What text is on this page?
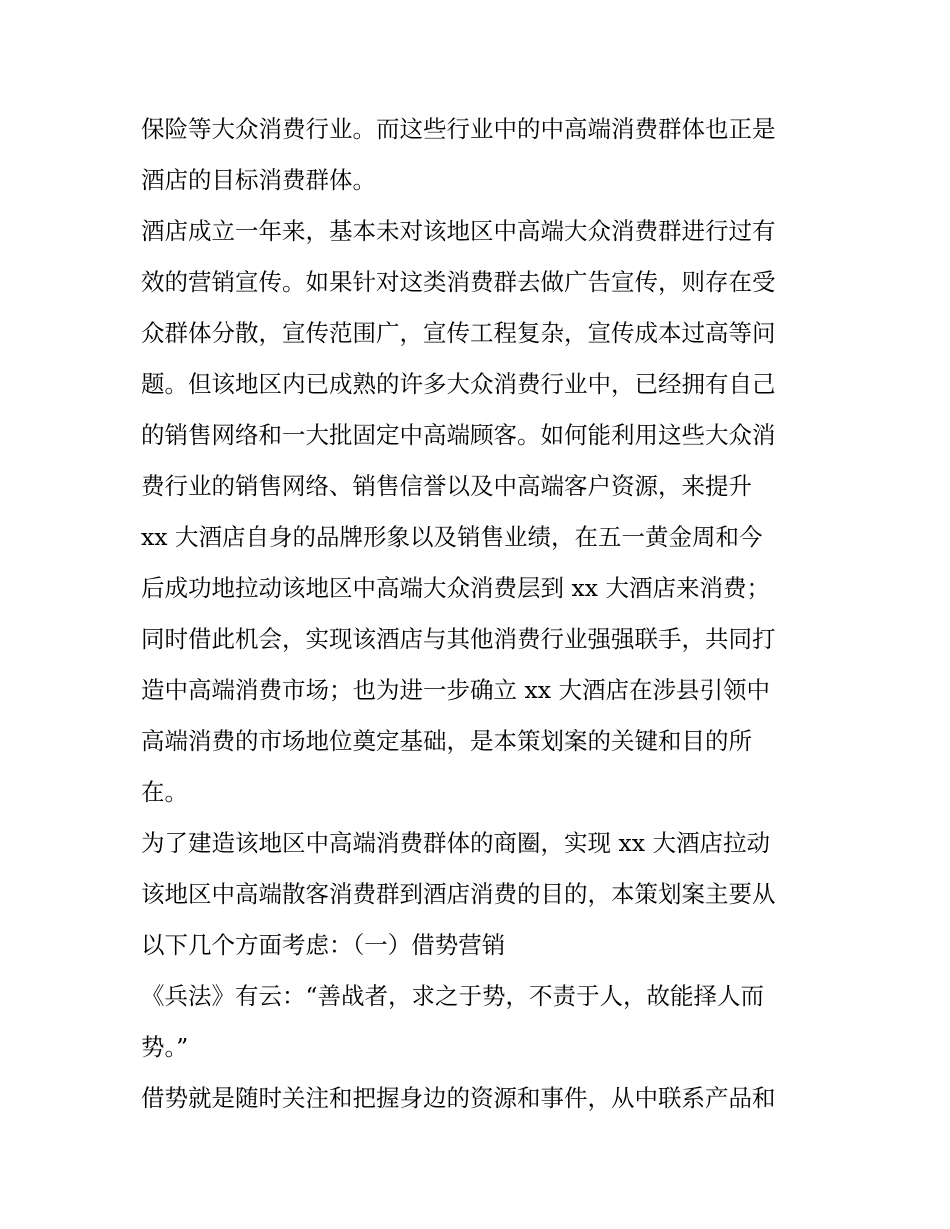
保险等大众消费行业。而这些行业中的中高端消费群体也正是
酒店的目标消费群体。
酒店成立一年来，基本未对该地区中高端大众消费群进行过有
效的营销宣传。如果针对这类消费群去做广告宣传，则存在受
众群体分散，宣传范围广，宣传工程复杂，宣传成本过高等问
题。但该地区内已成熟的许多大众消费行业中，已经拥有自己
的销售网络和一大批固定中高端顾客。如何能利用这些大众消
费行业的销售网络、销售信誉以及中高端客户资源，来提升
xx 大酒店自身的品牌形象以及销售业绩，在五一黄金周和今
后成功地拉动该地区中高端大众消费层到 xx 大酒店来消费；
同时借此机会，实现该酒店与其他消费行业强强联手，共同打
造中高端消费市场；也为进一步确立 xx 大酒店在涉县引领中
高端消费的市场地位奠定基础，是本策划案的关键和目的所
在。
为了建造该地区中高端消费群体的商圈，实现 xx 大酒店拉动
该地区中高端散客消费群到酒店消费的目的，本策划案主要从
以下几个方面考虑：（一）借势营销
《兵法》有云：“善战者，求之于势，不责于人，故能择人而
势。”
借势就是随时关注和把握身边的资源和事件，从中联系产品和
